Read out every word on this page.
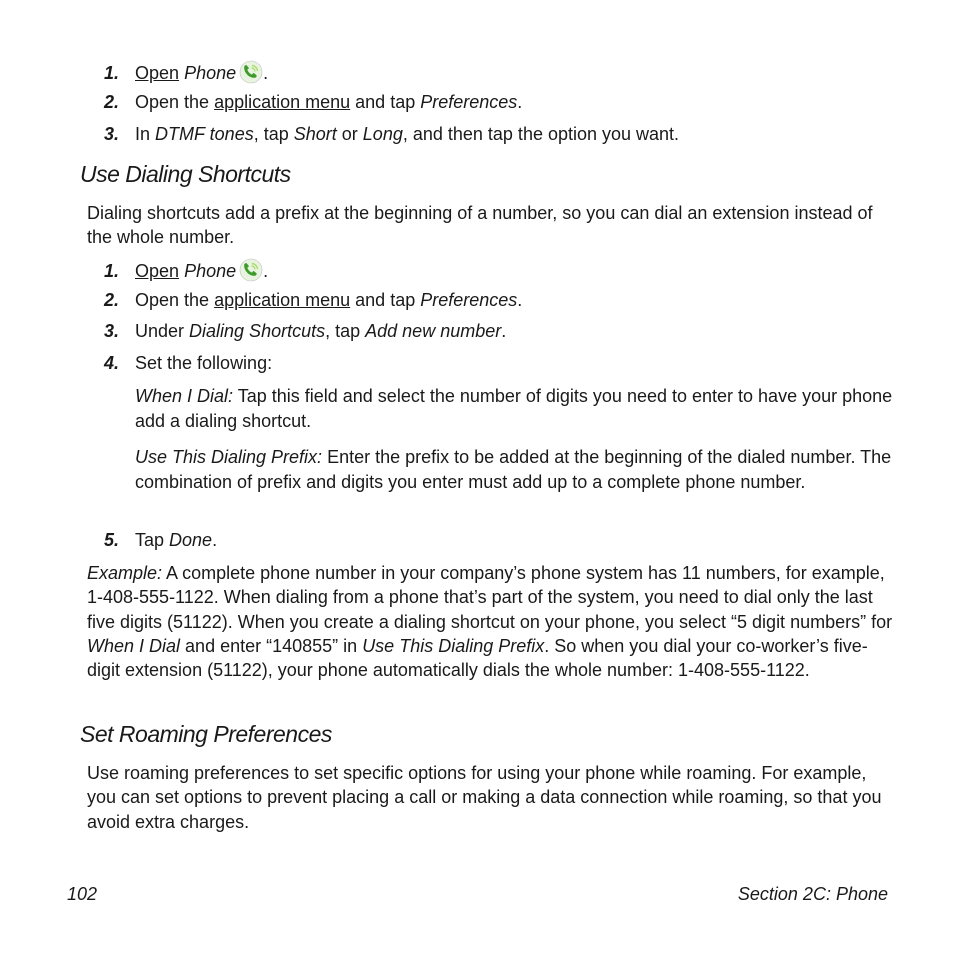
1. Open Phone .
2. Open the application menu and tap Preferences.
3. In DTMF tones, tap Short or Long, and then tap the option you want.
Use Dialing Shortcuts
Dialing shortcuts add a prefix at the beginning of a number, so you can dial an extension instead of the whole number.
1. Open Phone .
2. Open the application menu and tap Preferences.
3. Under Dialing Shortcuts, tap Add new number.
4. Set the following:
When I Dial: Tap this field and select the number of digits you need to enter to have your phone add a dialing shortcut.
Use This Dialing Prefix: Enter the prefix to be added at the beginning of the dialed number. The combination of prefix and digits you enter must add up to a complete phone number.
5. Tap Done.
Example: A complete phone number in your company’s phone system has 11 numbers, for example, 1-408-555-1122. When dialing from a phone that’s part of the system, you need to dial only the last five digits (51122). When you create a dialing shortcut on your phone, you select “5 digit numbers” for When I Dial and enter “140855” in Use This Dialing Prefix. So when you dial your co-worker’s five-digit extension (51122), your phone automatically dials the whole number: 1-408-555-1122.
Set Roaming Preferences
Use roaming preferences to set specific options for using your phone while roaming. For example, you can set options to prevent placing a call or making a data connection while roaming, so that you avoid extra charges.
102	Section 2C: Phone
